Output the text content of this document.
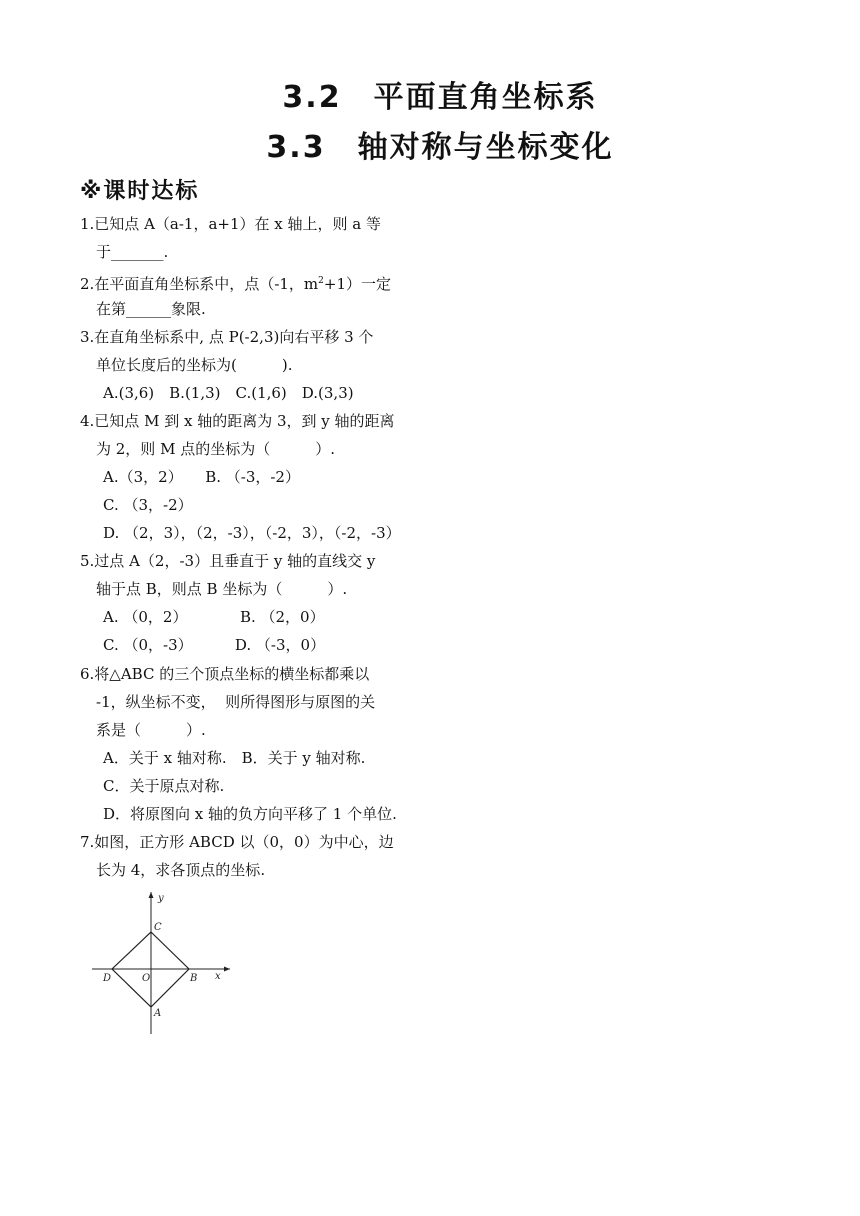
3.2　平面直角坐标系
3.3　轴对称与坐标变化
※课时达标
1.已知点 A（a-1，a+1）在 x 轴上，则 a 等
于_______.
2.在平面直角坐标系中，点（-1，$m^2+1$）一定
在第______象限.
3.在直角坐标系中, 点 P(-2,3)向右平移 3 个
单位长度后的坐标为(　　　).
A.(3,6)　B.(1,3)　C.(1,6)　D.(3,3)
4.已知点 M 到 x 轴的距离为 3，到 y 轴的距离
为 2，则 M 点的坐标为（　　　）.
A.（3，2）　　B. （-3，-2）
C. （3，-2）
D. （2，3），（2，-3），（-2，3），（-2，-3）
5.过点 A（2，-3）且垂直于 y 轴的直线交 y
轴于点 B，则点 B 坐标为（　　　）.
A. （0，2）　　　　B. （2，0）
C. （0，-3）　　　 D. （-3，0）
6.将△ABC 的三个顶点坐标的横坐标都乘以
-1，纵坐标不变，  则所得图形与原图的关
系是（　　　）.
A．关于 x 轴对称.　B．关于 y 轴对称.
C．关于原点对称.
D．将原图向 x 轴的负方向平移了 1 个单位.
7.如图，正方形 ABCD 以（0，0）为中心，边
长为 4，求各顶点的坐标.
y
x
C
O
D	B
A
